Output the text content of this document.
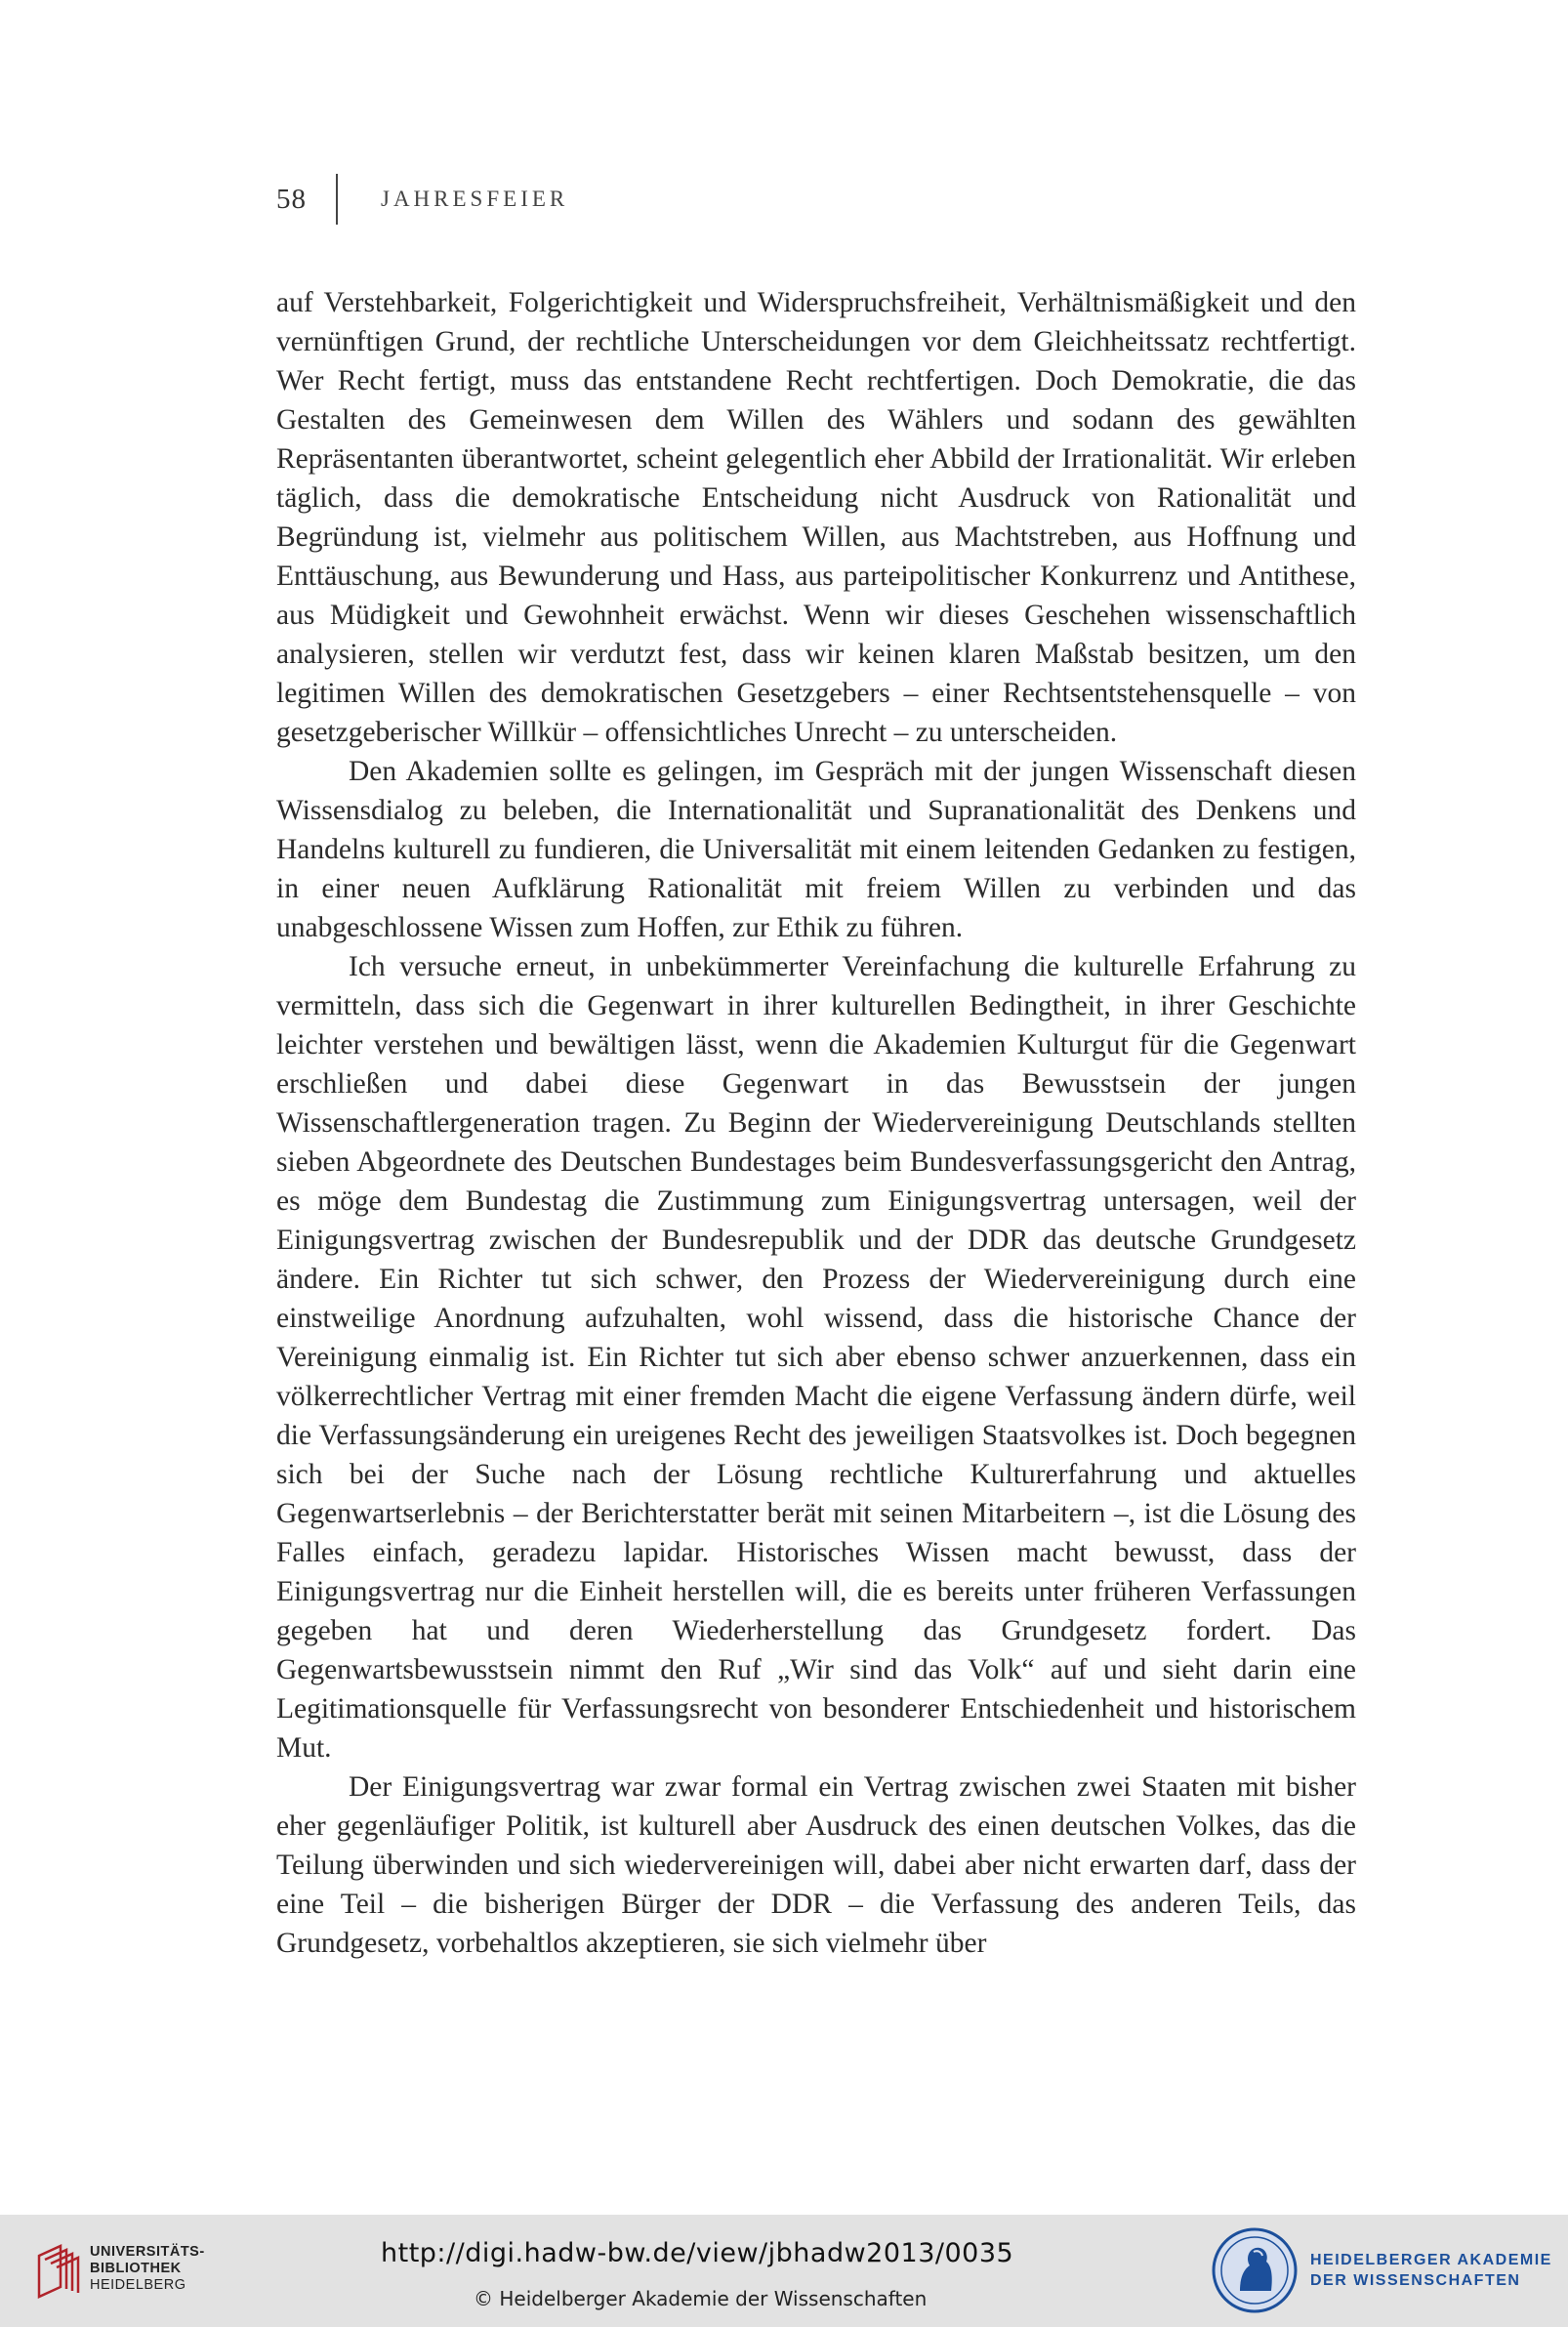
58	JAHRESFEIER

auf Verstehbarkeit, Folgerichtigkeit und Widerspruchsfreiheit, Verhältnismäßigkeit und den vernünftigen Grund, der rechtliche Unterscheidungen vor dem Gleichheitssatz rechtfertigt. Wer Recht fertigt, muss das entstandene Recht rechtfertigen. Doch Demokratie, die das Gestalten des Gemeinwesen dem Willen des Wählers und sodann des gewählten Repräsentanten überantwortet, scheint gelegentlich eher Abbild der Irrationalität. Wir erleben täglich, dass die demokratische Entscheidung nicht Ausdruck von Rationalität und Begründung ist, vielmehr aus politischem Willen, aus Machtstreben, aus Hoffnung und Enttäuschung, aus Bewunderung und Hass, aus parteipolitischer Konkurrenz und Antithese, aus Müdigkeit und Gewohnheit erwächst. Wenn wir dieses Geschehen wissenschaftlich analysieren, stellen wir verdutzt fest, dass wir keinen klaren Maßstab besitzen, um den legitimen Willen des demokratischen Gesetzgebers – einer Rechtsentstehensquelle – von gesetzgeberischer Willkür – offensichtliches Unrecht – zu unterscheiden.

Den Akademien sollte es gelingen, im Gespräch mit der jungen Wissenschaft diesen Wissensdialog zu beleben, die Internationalität und Supranationalität des Denkens und Handelns kulturell zu fundieren, die Universalität mit einem leitenden Gedanken zu festigen, in einer neuen Aufklärung Rationalität mit freiem Willen zu verbinden und das unabgeschlossene Wissen zum Hoffen, zur Ethik zu führen.

Ich versuche erneut, in unbekümmerter Vereinfachung die kulturelle Erfahrung zu vermitteln, dass sich die Gegenwart in ihrer kulturellen Bedingtheit, in ihrer Geschichte leichter verstehen und bewältigen lässt, wenn die Akademien Kulturgut für die Gegenwart erschließen und dabei diese Gegenwart in das Bewusstsein der jungen Wissenschaftlergeneration tragen. Zu Beginn der Wiedervereinigung Deutschlands stellten sieben Abgeordnete des Deutschen Bundestages beim Bundesverfassungsgericht den Antrag, es möge dem Bundestag die Zustimmung zum Einigungsvertrag untersagen, weil der Einigungsvertrag zwischen der Bundesrepublik und der DDR das deutsche Grundgesetz ändere. Ein Richter tut sich schwer, den Prozess der Wiedervereinigung durch eine einstweilige Anordnung aufzuhalten, wohl wissend, dass die historische Chance der Vereinigung einmalig ist. Ein Richter tut sich aber ebenso schwer anzuerkennen, dass ein völkerrechtlicher Vertrag mit einer fremden Macht die eigene Verfassung ändern dürfe, weil die Verfassungsänderung ein ureigenes Recht des jeweiligen Staatsvolkes ist. Doch begegnen sich bei der Suche nach der Lösung rechtliche Kulturerfahrung und aktuelles Gegenwartserlebnis – der Berichterstatter berät mit seinen Mitarbeitern –, ist die Lösung des Falles einfach, geradezu lapidar. Historisches Wissen macht bewusst, dass der Einigungsvertrag nur die Einheit herstellen will, die es bereits unter früheren Verfassungen gegeben hat und deren Wiederherstellung das Grundgesetz fordert. Das Gegenwartsbewusstsein nimmt den Ruf „Wir sind das Volk“ auf und sieht darin eine Legitimationsquelle für Verfassungsrecht von besonderer Entschiedenheit und historischem Mut.

Der Einigungsvertrag war zwar formal ein Vertrag zwischen zwei Staaten mit bisher eher gegenläufiger Politik, ist kulturell aber Ausdruck des einen deutschen Volkes, das die Teilung überwinden und sich wiedervereinigen will, dabei aber nicht erwarten darf, dass der eine Teil – die bisherigen Bürger der DDR – die Verfassung des anderen Teils, das Grundgesetz, vorbehaltlos akzeptieren, sie sich vielmehr über

UNIVERSITÄTS-
BIBLIOTHEK
HEIDELBERG
http://digi.hadw-bw.de/view/jbhadw2013/0035
© Heidelberger Akademie der Wissenschaften
HEIDELBERGER AKADEMIE
DER WISSENSCHAFTEN
